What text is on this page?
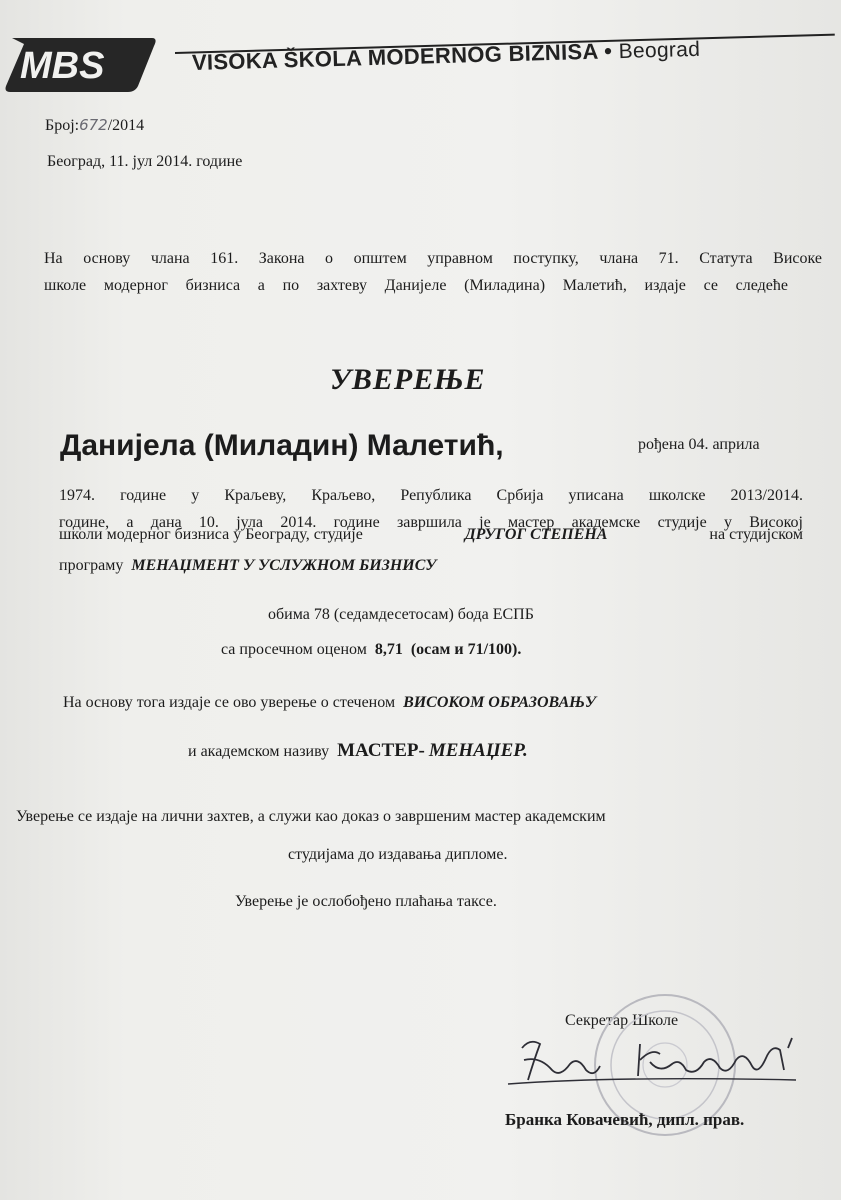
MBS	VISOKA ŠKOLA MODERNOG BIZNISA • Beograd
Број:672/2014
Београд, 11. јул 2014. године
На основу члана 161. Закона о општем управном поступку, члана 71. Статута Високе
школе модерног бизниса а по захтеву Данијеле (Миладина) Малетић, издаје се следеће
УВЕРЕЊЕ
Данијела (Миладин) Малетић,	рођена 04. априла
1974. године у Краљеву, Краљево, Република Србија уписана школске 2013/2014.
године, а дана 10. јула 2014. године завршила је мастер академске студије у Високој
школи модерног бизниса у Београду, студије	ДРУГОГ СТЕПЕНА	на студијском
програму МЕНАЏМЕНТ У УСЛУЖНОМ БИЗНИСУ
обима 78 (седамдесетосам) бода ЕСПБ
са просечном оценом 8,71 (осам и 71/100).
На основу тога издаје се ово уверење о стеченом ВИСОКОМ ОБРАЗОВАЊУ
и академском називу МАСТЕР- МЕНАЏЕР.
Уверење се издаје на лични захтев, а служи као доказ о завршеним мастер академским
студијама до издавања дипломе.
Уверење је ослобођено плаћања таксе.
Секретар Школе
Бранка Ковачевић, дипл. прав.
